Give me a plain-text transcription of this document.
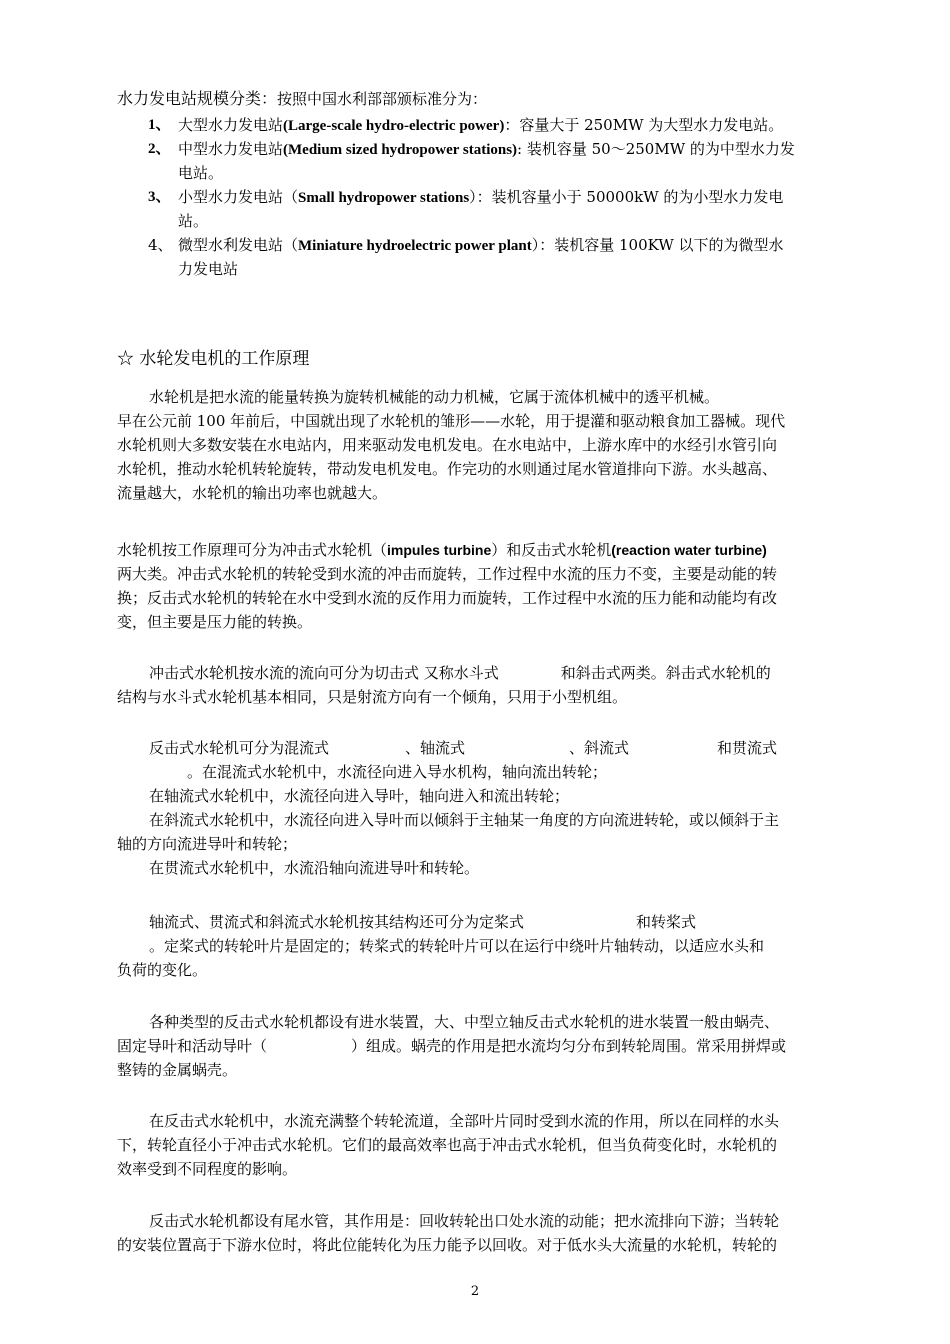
水力发电站规模分类：按照中国水利部部颁标准分为：
1、 大型水力发电站(Large-scale hydro-electric power)：容量大于 250MW 为大型水力发电站。
2、 中型水力发电站(Medium sized hydropower stations): 装机容量 50～250MW 的为中型水力发
电站。
3、 小型水力发电站（Small hydropower stations）：装机容量小于 50000kW 的为小型水力发电
站。
4、 微型水利发电站（Miniature hydroelectric power plant）：装机容量 100KW 以下的为微型水
力发电站
☆ 水轮发电机的工作原理
水轮机是把水流的能量转换为旋转机械能的动力机械，它属于流体机械中的透平机械。
早在公元前 100 年前后，中国就出现了水轮机的雏形——水轮，用于提灌和驱动粮食加工器械。现代
水轮机则大多数安装在水电站内，用来驱动发电机发电。在水电站中，上游水库中的水经引水管引向
水轮机，推动水轮机转轮旋转，带动发电机发电。作完功的水则通过尾水管道排向下游。水头越高、
流量越大，水轮机的输出功率也就越大。
水轮机按工作原理可分为冲击式水轮机（impules turbine）和反击式水轮机(reaction water turbine)
两大类。冲击式水轮机的转轮受到水流的冲击而旋转，工作过程中水流的压力不变，主要是动能的转
换；反击式水轮机的转轮在水中受到水流的反作用力而旋转，工作过程中水流的压力能和动能均有改
变，但主要是压力能的转换。
冲击式水轮机按水流的流向可分为切击式 又称水斗式	和斜击式两类。斜击式水轮机的
结构与水斗式水轮机基本相同，只是射流方向有一个倾角，只用于小型机组。
反击式水轮机可分为混流式	、轴流式	、斜流式	和贯流式
。在混流式水轮机中，水流径向进入导水机构，轴向流出转轮；
在轴流式水轮机中，水流径向进入导叶，轴向进入和流出转轮；
在斜流式水轮机中，水流径向进入导叶而以倾斜于主轴某一角度的方向流进转轮，或以倾斜于主
轴的方向流进导叶和转轮；
在贯流式水轮机中，水流沿轴向流进导叶和转轮。
轴流式、贯流式和斜流式水轮机按其结构还可分为定桨式	和转桨式
。定桨式的转轮叶片是固定的；转桨式的转轮叶片可以在运行中绕叶片轴转动，以适应水头和
负荷的变化。
各种类型的反击式水轮机都设有进水装置，大、中型立轴反击式水轮机的进水装置一般由蜗壳、
固定导叶和活动导叶（	）组成。蜗壳的作用是把水流均匀分布到转轮周围。常采用拼焊或
整铸的金属蜗壳。
在反击式水轮机中，水流充满整个转轮流道，全部叶片同时受到水流的作用，所以在同样的水头
下，转轮直径小于冲击式水轮机。它们的最高效率也高于冲击式水轮机，但当负荷变化时，水轮机的
效率受到不同程度的影响。
反击式水轮机都设有尾水管，其作用是：回收转轮出口处水流的动能；把水流排向下游；当转轮
的安装位置高于下游水位时，将此位能转化为压力能予以回收。对于低水头大流量的水轮机，转轮的
2
